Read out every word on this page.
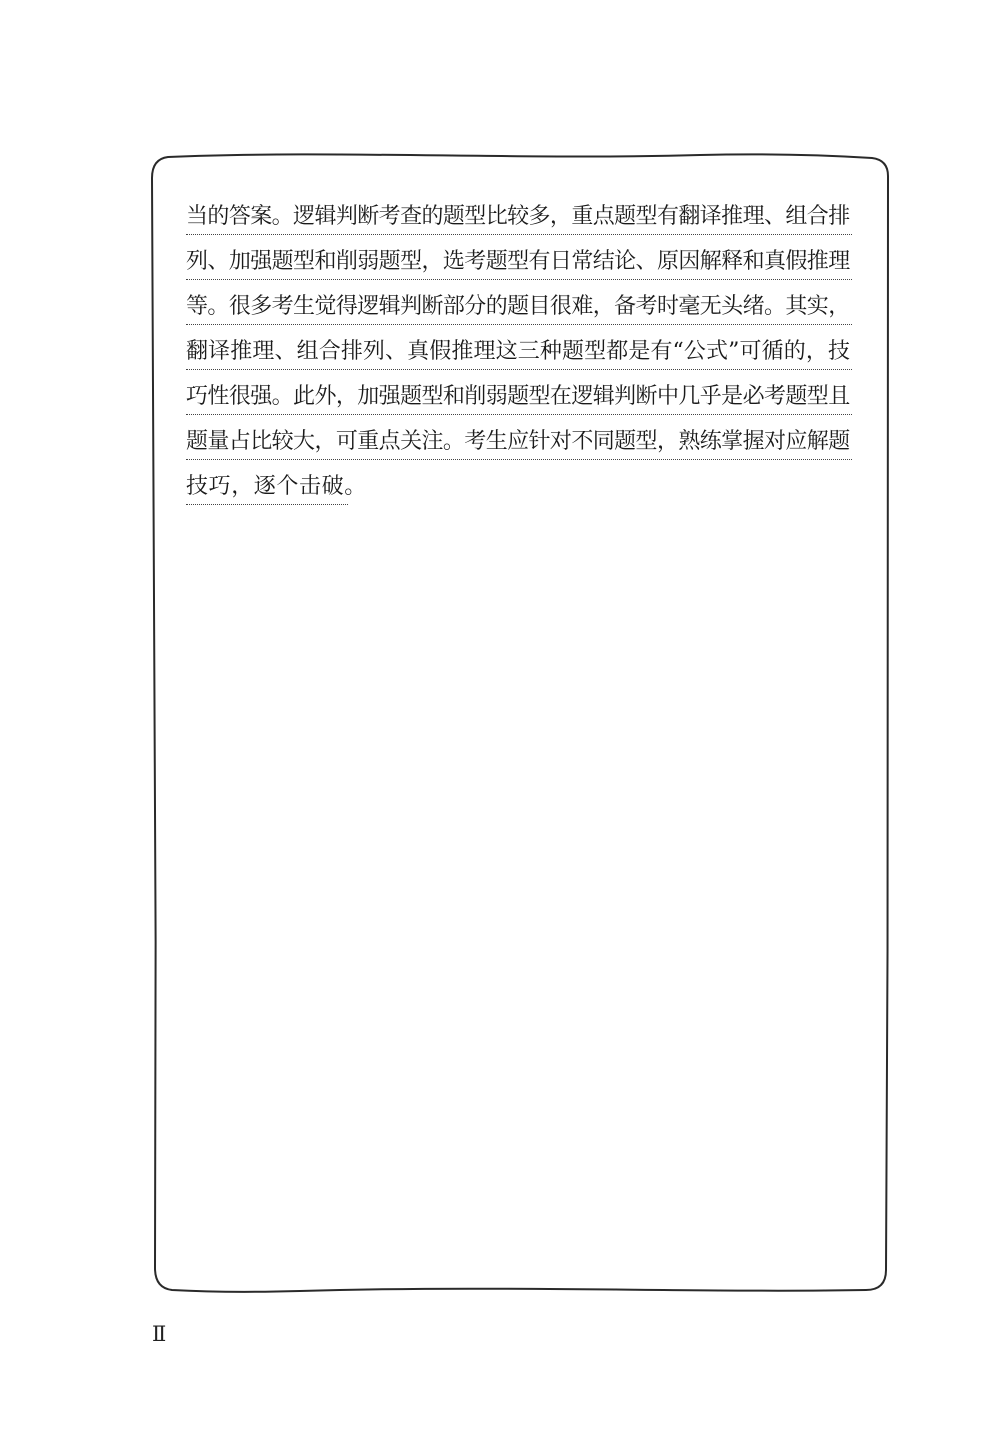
当的答案。逻辑判断考查的题型比较多，重点题型有翻译推理、组合排
列、加强题型和削弱题型，选考题型有日常结论、原因解释和真假推理
等。很多考生觉得逻辑判断部分的题目很难，备考时毫无头绪。其实，
翻译推理、组合排列、真假推理这三种题型都是有“公式”可循的，技
巧性很强。此外，加强题型和削弱题型在逻辑判断中几乎是必考题型且
题量占比较大，可重点关注。考生应针对不同题型，熟练掌握对应解题
技巧，逐个击破。
Ⅱ
